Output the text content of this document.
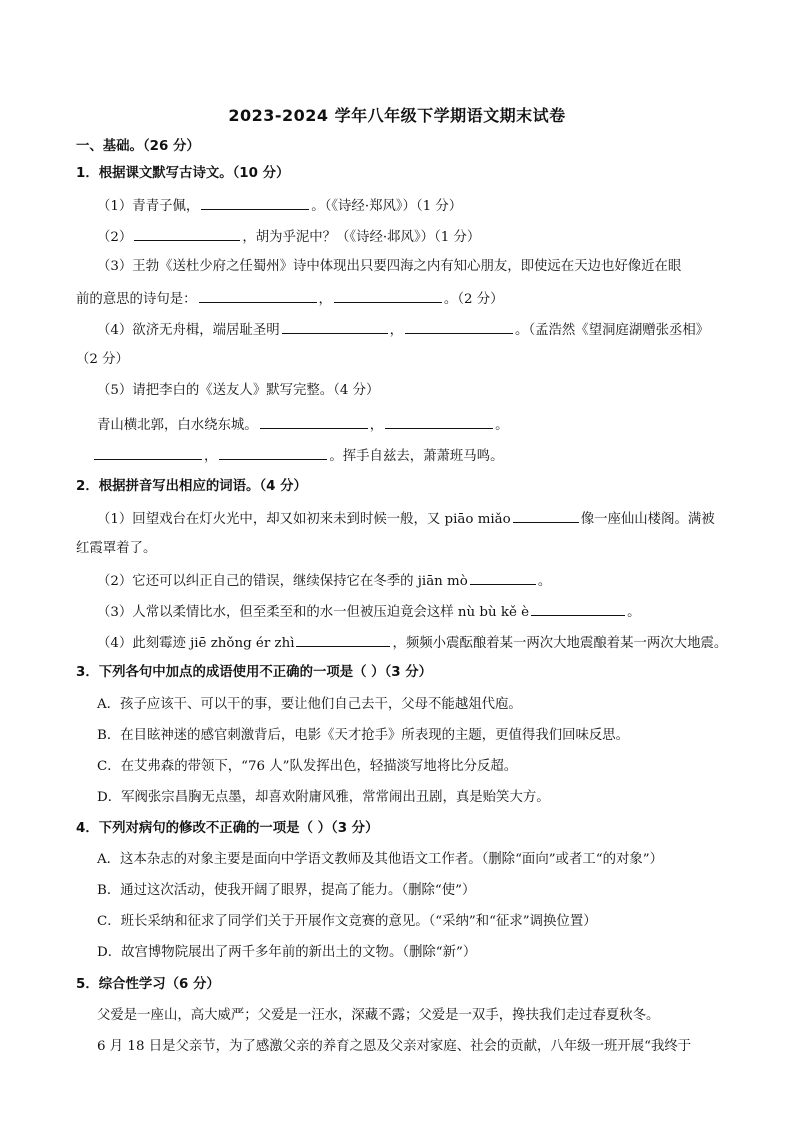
2023-2024 学年八年级下学期语文期末试卷
一、基础。（26 分）
1．根据课文默写古诗文。（10 分）
（1）青青子佩，	。（《诗经·郑风》）（1 分）
（2）	，胡为乎泥中？（《诗经·邶风》）（1 分）
（3）王勃《送杜少府之任蜀州》诗中体现出只要四海之内有知心朋友，即使远在天边也好像近在眼
前的意思的诗句是：	，	。（2 分）
（4）欲济无舟楫，端居耻圣明	，	。（孟浩然《望洞庭湖赠张丞相》
（2 分）
（5）请把李白的《送友人》默写完整。（4 分）
青山横北郭，白水绕东城。	，	。
，	。挥手自兹去，萧萧班马鸣。
2．根据拼音写出相应的词语。（4 分）
（1）回望戏台在灯火光中，却又如初来未到时候一般，又 piāo miǎo	像一座仙山楼阁。满被
红霞罩着了。
（2）它还可以纠正自己的错误，继续保持它在冬季的 jiān mò	。
（3）人常以柔情比水，但至柔至和的水一但被压迫竟会这样 nù bù kě è	。
（4）此刻霉迹 jiē zhǒng ér zhì	，频频小震酝酿着某一两次大地震酿着某一两次大地震。
3．下列各句中加点的成语使用不正确的一项是（ ）（3 分）
A．孩子应该干、可以干的事，要让他们自己去干，父母不能越俎代庖。
B．在目眩神迷的感官刺激背后，电影《天才抢手》所表现的主题，更值得我们回味反思。
C．在艾弗森的带领下，“76 人”队发挥出色，轻描淡写地将比分反超。
D．军阀张宗昌胸无点墨，却喜欢附庸风雅，常常闹出丑剧，真是贻笑大方。
4．下列对病句的修改不正确的一项是（ ）（3 分）
A．这本杂志的对象主要是面向中学语文教师及其他语文工作者。（删除“面向”或者工“的对象”）
B．通过这次活动，使我开阔了眼界，提高了能力。（删除“使”）
C．班长采纳和征求了同学们关于开展作文竞赛的意见。（“采纳”和“征求”调换位置）
D．故宫博物院展出了两千多年前的新出土的文物。（删除“新”）
5．综合性学习（6 分）
父爱是一座山，高大威严；父爱是一汪水，深藏不露；父爱是一双手，搀扶我们走过春夏秋冬。
6 月 18 日是父亲节，为了感激父亲的养育之恩及父亲对家庭、社会的贡献，八年级一班开展“我终于
